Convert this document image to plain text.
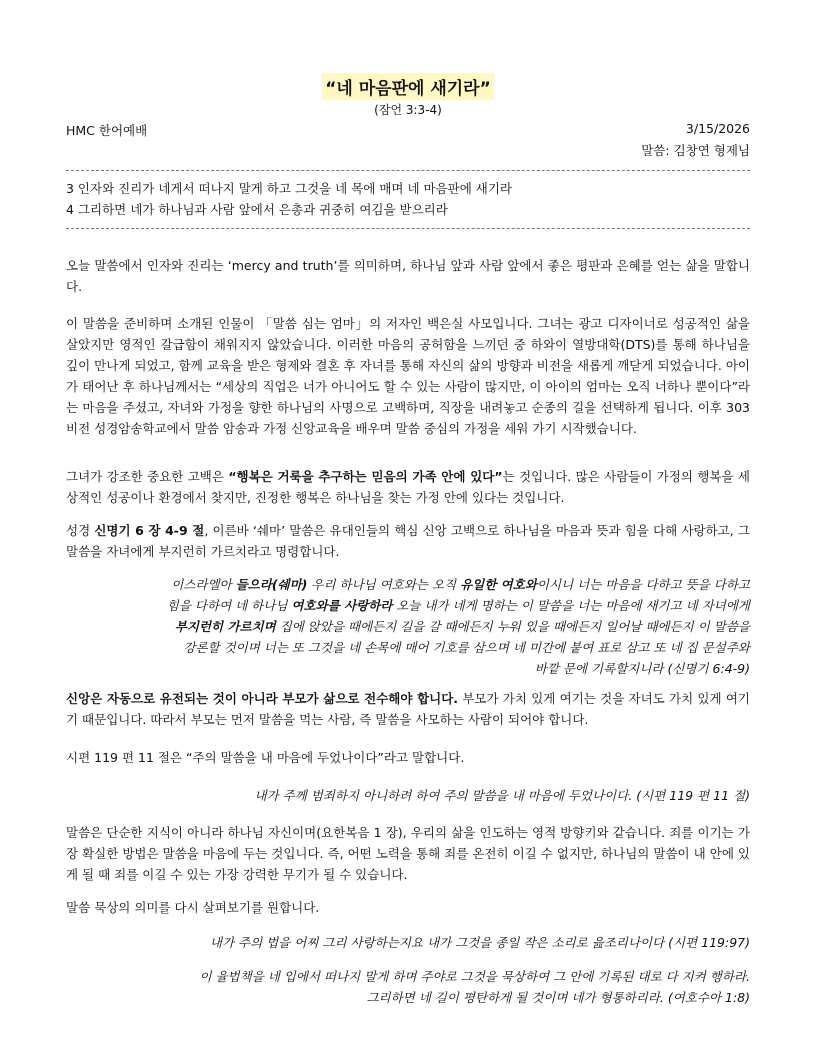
“네 마음판에 새기라”
(잠언 3:3-4)
HMC 한어예배	3/15/2026
말씀: 김창연 형제님
3 인자와 진리가 네게서 떠나지 말게 하고 그것을 네 목에 매며 네 마음판에 새기라
4 그리하면 네가 하나님과 사람 앞에서 은총과 귀중히 여김을 받으리라

오늘 말씀에서 인자와 진리는 ‘mercy and truth’를 의미하며, 하나님 앞과 사람 앞에서 좋은 평판과 은혜를 얻는 삶을 말합니다.

이 말씀을 준비하며 소개된 인물이 「말씀 심는 엄마」의 저자인 백은실 사모입니다. 그녀는 광고 디자이너로 성공적인 삶을 살았지만 영적인 갈급함이 채워지지 않았습니다. 이러한 마음의 공허함을 느끼던 중 하와이 열방대학(DTS)를 통해 하나님을 깊이 만나게 되었고, 함께 교육을 받은 형제와 결혼 후 자녀를 통해 자신의 삶의 방향과 비전을 새롭게 깨닫게 되었습니다. 아이가 태어난 후 하나님께서는 “세상의 직업은 너가 아니어도 할 수 있는 사람이 많지만, 이 아이의 엄마는 오직 너하나 뿐이다”라는 마음을 주셨고, 자녀와 가정을 향한 하나님의 사명으로 고백하며, 직장을 내려놓고 순종의 길을 선택하게 됩니다. 이후 303 비전 성경암송학교에서 말씀 암송과 가정 신앙교육을 배우며 말씀 중심의 가정을 세워 가기 시작했습니다.

그녀가 강조한 중요한 고백은 “행복은 거룩을 추구하는 믿음의 가족 안에 있다”는 것입니다. 많은 사람들이 가정의 행복을 세상적인 성공이나 환경에서 찾지만, 진정한 행복은 하나님을 찾는 가정 안에 있다는 것입니다.

성경 신명기 6 장 4-9 절, 이른바 ‘쉐마’ 말씀은 유대인들의 핵심 신앙 고백으로 하나님을 마음과 뜻과 힘을 다해 사랑하고, 그 말씀을 자녀에게 부지런히 가르치라고 명령합니다.

이스라엘아 들으라(쉐마) 우리 하나님 여호와는 오직 유일한 여호와이시니 너는 마음을 다하고 뜻을 다하고
힘을 다하여 네 하나님 여호와를 사랑하라 오늘 내가 네게 명하는 이 말씀을 너는 마음에 새기고 네 자녀에게
부지런히 가르치며 집에 앉았을 때에든지 길을 갈 때에든지 누워 있을 때에든지 일어날 때에든지 이 말씀을
강론할 것이며 너는 또 그것을 네 손목에 매어 기호를 삼으며 네 미간에 붙여 표로 삼고 또 네 집 문설주와
바깥 문에 기록할지니라 (신명기 6:4-9)

신앙은 자동으로 유전되는 것이 아니라 부모가 삶으로 전수해야 합니다. 부모가 가치 있게 여기는 것을 자녀도 가치 있게 여기기 때문입니다. 따라서 부모는 먼저 말씀을 먹는 사람, 즉 말씀을 사모하는 사람이 되어야 합니다.

시편 119 편 11 절은 “주의 말씀을 내 마음에 두었나이다”라고 말합니다.

내가 주께 범죄하지 아니하려 하여 주의 말씀을 내 마음에 두었나이다. (시편 119 편 11 절)

말씀은 단순한 지식이 아니라 하나님 자신이며(요한복음 1 장), 우리의 삶을 인도하는 영적 방향키와 같습니다. 죄를 이기는 가장 확실한 방법은 말씀을 마음에 두는 것입니다. 즉, 어떤 노력을 통해 죄를 온전히 이길 수 없지만, 하나님의 말씀이 내 안에 있게 될 때 죄를 이길 수 있는 가장 강력한 무기가 될 수 있습니다.

말씀 묵상의 의미를 다시 살펴보기를 원합니다.

내가 주의 법을 어찌 그리 사랑하는지요 내가 그것을 종일 작은 소리로 읊조리나이다 (시편 119:97)

이 율법책을 네 입에서 떠나지 말게 하며 주야로 그것을 묵상하여 그 안에 기록된 대로 다 지켜 행하라.
그리하면 네 길이 평탄하게 될 것이며 네가 형통하리라. (여호수아 1:8)
